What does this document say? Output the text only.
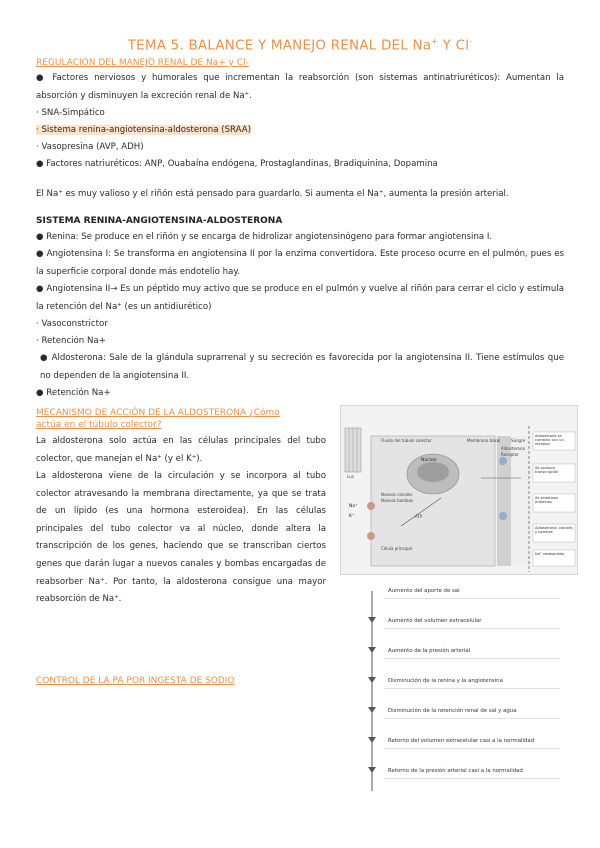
TEMA 5. BALANCE Y MANEJO RENAL DEL Na+ Y Cl-
REGULACIÓN DEL MANEJO RENAL DE Na+ y Cl-
● Factores nerviosos y humorales que incrementan la reabsorción (son sistemas antinatriuréticos): Aumentan la absorción y disminuyen la excreción renal de Na⁺.
· SNA-Simpático
· Sistema renina-angiotensina-aldosterona (SRAA)
· Vasopresina (AVP, ADH)
● Factores natriuréticos: ANP, Ouabaína endógena, Prostaglandinas, Bradiquinina, Dopamina
El Na⁺ es muy valioso y el riñón está pensado para guardarlo. Si aumenta el Na⁺, aumenta la presión arterial.
SISTEMA RENINA-ANGIOTENSINA-ALDOSTERONA
● Renina: Se produce en el riñón y se encarga de hidrolizar angiotensinógeno para formar angiotensina I.
● Angiotensina I: Se transforma en angiotensina II por la enzima convertidora. Este proceso ocurre en el pulmón, pues es la superficie corporal donde más endotelio hay.
● Angiotensina II→ Es un péptido muy activo que se produce en el pulmón y vuelve al riñón para cerrar el ciclo y estimula la retención del Na⁺ (es un antidiurético)
· Vasoconstrictor
· Retención Na+
● Aldosterona: Sale de la glándula suprarrenal y su secreción es favorecida por la angiotensina II. Tiene estímulos que no dependen de la angiotensina II.
● Retención Na+
MECANISMO DE ACCIÓN DE LA ALDOSTERONA ¿Cómo
actúa en el túbulo colector?
La aldosterona solo actúa en las células principales del tubo colector, que manejan el Na⁺ (y el K⁺).
La aldosterona viene de la circulación y se incorpora al tubo colector atravesando la membrana directamente, ya que se trata de un lípido (es una hormona esteroidea). En las células principales del tubo colector va al núcleo, donde altera la transcripción de los genes, haciendo que se transcriban ciertos genes que darán lugar a nuevos canales y bombas encargadas de reabsorber Na⁺. Por tanto, la aldosterona consigue una mayor reabsorción de Na⁺.
Fluido del túbulo colector	Membrana basal	Sangre
Aldosterona
Receptor
Núcleo
Na⁺
K⁺	ATP
Nuevos canales
Nuevas bombas
Luz
Célula principal
Aldosterona se combina con un receptor
Se produce transcripción
Se sintetizan proteínas
Aldosterona: canales y bombas
Na⁺ reabsorbido
CONTROL DE LA PA POR INGESTA DE SODIO
Aumento del aporte de sal
Aumento del volumen extracelular
Aumento de la presión arterial
Disminución de la renina y la angiotensina
Disminución de la retención renal de sal y agua
Retorno del volumen extracelular casi a la normalidad
Retorno de la presión arterial casi a la normalidad
